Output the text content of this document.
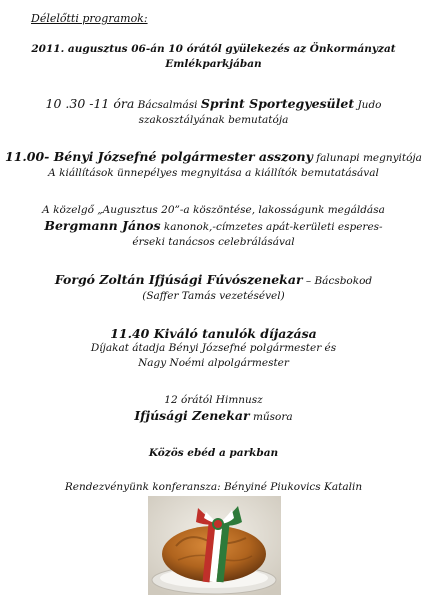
Délelőtti programok:
2011. augusztus 06-án 10 órától gyülekezés az Önkormányzat
Emlékparkjában
10 .30 -11 óra Bácsalmási Sprint Sportegyesület Judo
szakosztályának bemutatója
11.00- Bényi Józsefné polgármester asszony falunapi megnyitója
A kiállítások ünnepélyes megnyitása a kiállítók bemutatásával
A közelgő „Augusztus 20”-a köszöntése, lakosságunk megáldása
Bergmann János kanonok,-címzetes apát-kerületi esperes-
érseki tanácsos celebrálásával
Forgó Zoltán Ifjúsági Fúvószenekar – Bácsbokod
(Saffer Tamás vezetésével)
11.40 Kiváló tanulók díjazása
Díjakat átadja Bényi Józsefné polgármester és
Nagy Noémi alpolgármester
12 órától Himnusz
Ifjúsági Zenekar műsora
Közös ebéd a parkban
Rendezvényünk konferansza: Bényiné Piukovics Katalin
